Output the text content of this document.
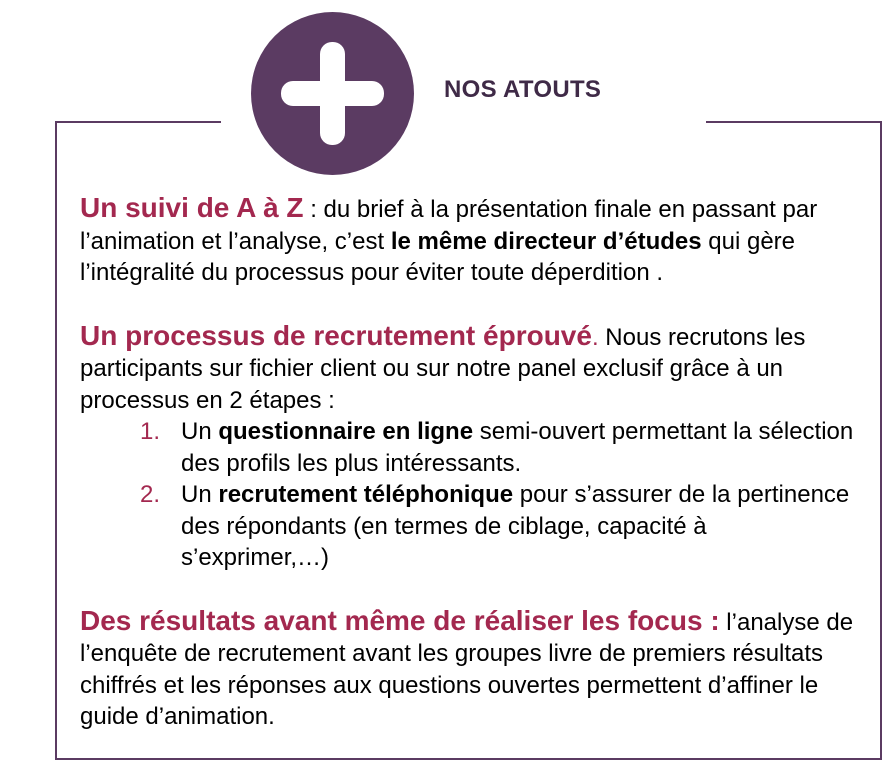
NOS ATOUTS

Un suivi de A à Z : du brief à la présentation finale en passant par l’animation et l’analyse, c’est le même directeur d’études qui gère l’intégralité du processus pour éviter toute déperdition .

Un processus de recrutement éprouvé. Nous recrutons les participants sur fichier client ou sur notre panel exclusif grâce à un processus en 2 étapes :
1. Un questionnaire en ligne semi-ouvert permettant la sélection des profils les plus intéressants.
2. Un recrutement téléphonique pour s’assurer de la pertinence des répondants (en termes de ciblage, capacité à s’exprimer,…)

Des résultats avant même de réaliser les focus : l’analyse de l’enquête de recrutement avant les groupes livre de premiers résultats chiffrés et les réponses aux questions ouvertes permettent d’affiner le guide d’animation.
